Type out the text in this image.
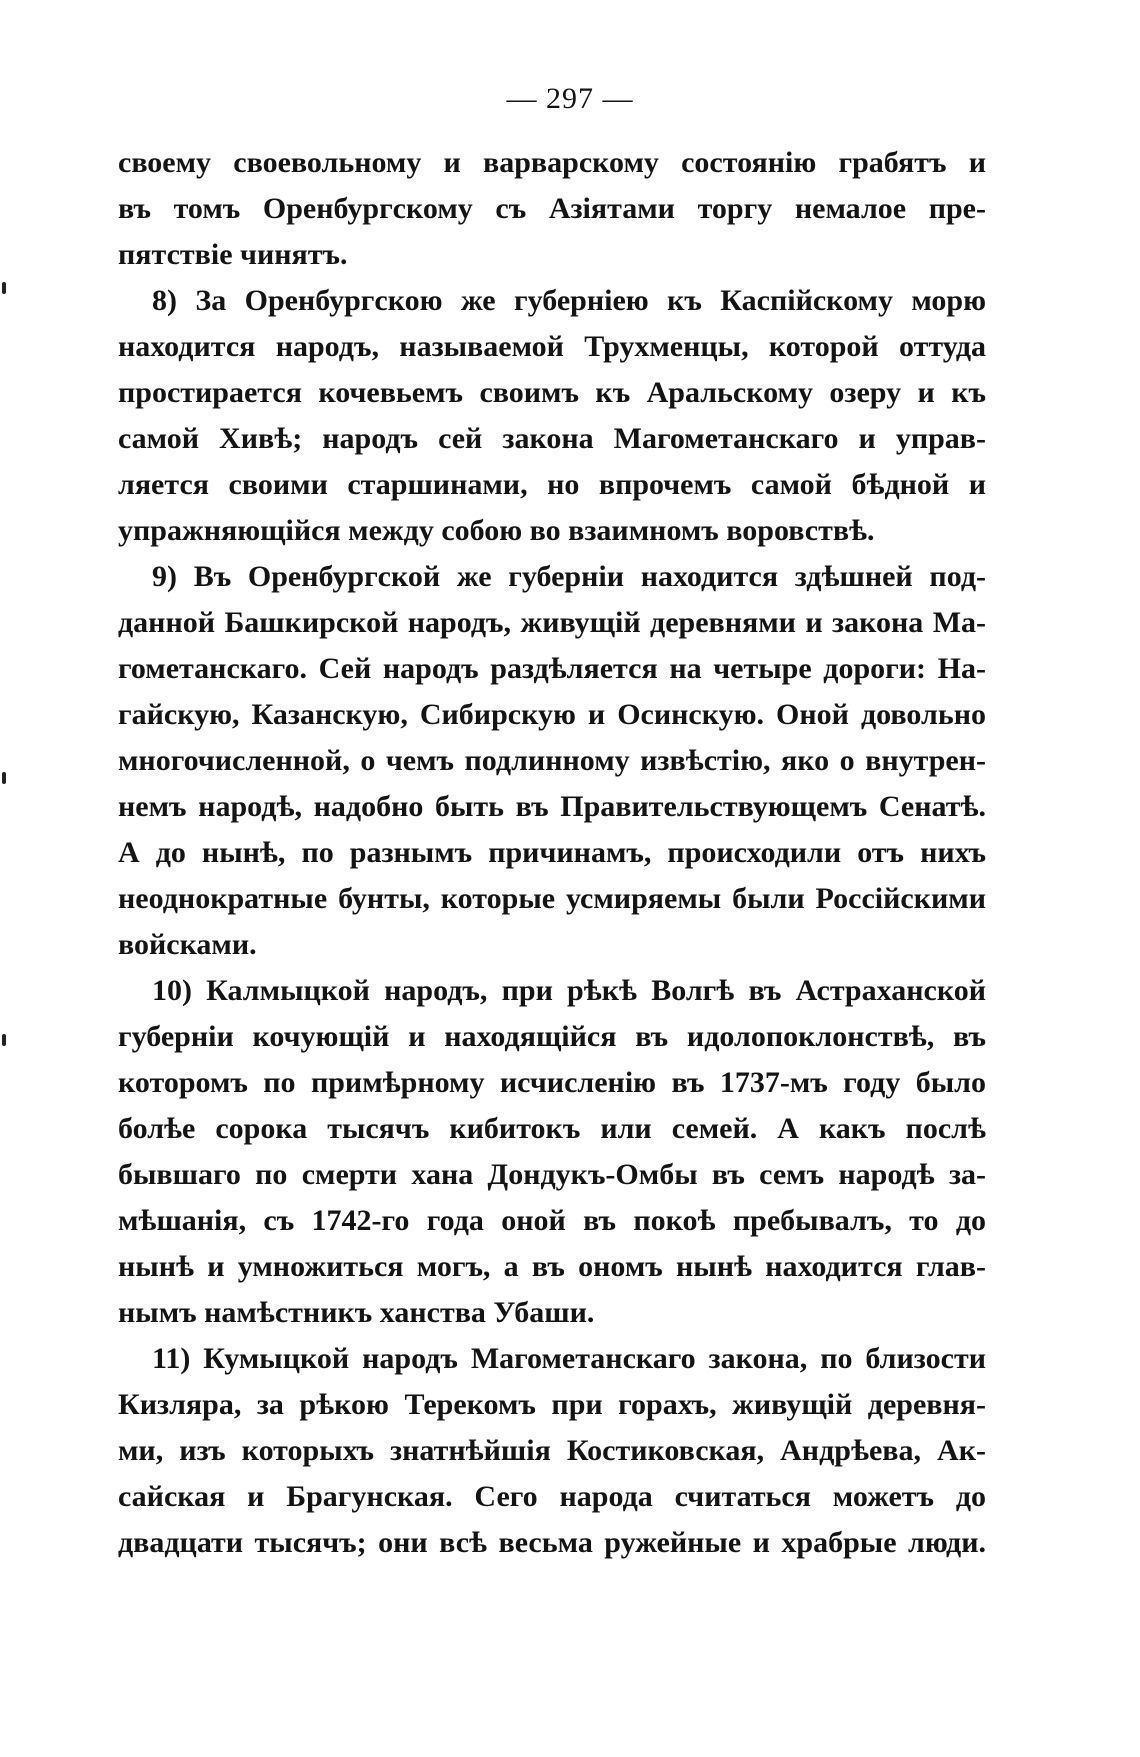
— 297 —
своему своевольному и варварскому состоянію грабятъ и
въ томъ Оренбургскому съ Азіятами торгу немалое пре-
пятствіе чинятъ.
8) За Оренбургскою же губерніею къ Каспійскому морю
находится народъ, называемой Трухменцы, которой оттуда
простирается кочевьемъ своимъ къ Аральскому озеру и къ
самой Хивѣ; народъ сей закона Магометанскаго и управ-
ляется своими старшинами, но впрочемъ самой бѣдной и
упражняющійся между собою во взаимномъ воровствѣ.
9) Въ Оренбургской же губерніи находится здѣшней под-
данной Башкирской народъ, живущій деревнями и закона Ма-
гометанскаго. Сей народъ раздѣляется на четыре дороги: На-
гайскую, Казанскую, Сибирскую и Осинскую. Оной довольно
многочисленной, о чемъ подлинному извѣстію, яко о внутрен-
немъ народѣ, надобно быть въ Правительствующемъ Сенатѣ.
А до нынѣ, по разнымъ причинамъ, происходили отъ нихъ
неоднократные бунты, которые усмиряемы были Россійскими
войсками.
10) Калмыцкой народъ, при рѣкѣ Волгѣ въ Астраханской
губерніи кочующій и находящійся въ идолопоклонствѣ, въ
которомъ по примѣрному исчисленію въ 1737-мъ году было
болѣе сорока тысячъ кибитокъ или семей. А какъ послѣ
бывшаго по смерти хана Дондукъ-Омбы въ семъ народѣ за-
мѣшанія, съ 1742-го года оной въ покоѣ пребывалъ, то до
нынѣ и умножиться могъ, а въ ономъ нынѣ находится глав-
нымъ намѣстникъ ханства Убаши.
11) Кумыцкой народъ Магометанскаго закона, по близости
Кизляра, за рѣкою Терекомъ при горахъ, живущій деревня-
ми, изъ которыхъ знатнѣйшія Костиковская, Андрѣева, Ак-
сайская и Брагунская. Сего народа считаться можетъ до
двадцати тысячъ; они всѣ весьма ружейные и храбрые люди.
